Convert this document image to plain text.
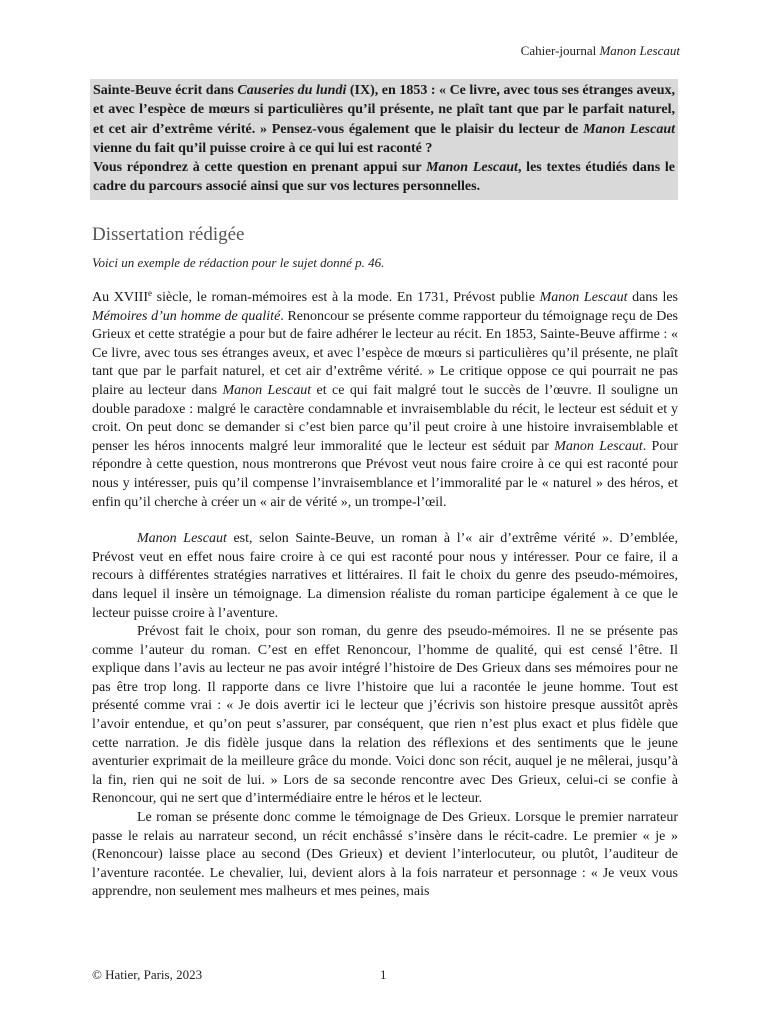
Cahier-journal Manon Lescaut

Sainte-Beuve écrit dans Causeries du lundi (IX), en 1853 : « Ce livre, avec tous ses étranges aveux, et avec l’espèce de mœurs si particulières qu’il présente, ne plaît tant que par le parfait naturel, et cet air d’extrême vérité. » Pensez-vous également que le plaisir du lecteur de Manon Lescaut vienne du fait qu’il puisse croire à ce qui lui est raconté ?

Vous répondrez à cette question en prenant appui sur Manon Lescaut, les textes étudiés dans le cadre du parcours associé ainsi que sur vos lectures personnelles.

Dissertation rédigée
Voici un exemple de rédaction pour le sujet donné p. 46.

Au XVIIIe siècle, le roman-mémoires est à la mode. En 1731, Prévost publie Manon Lescaut dans les Mémoires d’un homme de qualité. Renoncour se présente comme rapporteur du témoignage reçu de Des Grieux et cette stratégie a pour but de faire adhérer le lecteur au récit. En 1853, Sainte-Beuve affirme : « Ce livre, avec tous ses étranges aveux, et avec l’espèce de mœurs si particulières qu’il présente, ne plaît tant que par le parfait naturel, et cet air d’extrême vérité. » Le critique oppose ce qui pourrait ne pas plaire au lecteur dans Manon Lescaut et ce qui fait malgré tout le succès de l’œuvre. Il souligne un double paradoxe : malgré le caractère condamnable et invraisemblable du récit, le lecteur est séduit et y croit. On peut donc se demander si c’est bien parce qu’il peut croire à une histoire invraisemblable et penser les héros innocents malgré leur immoralité que le lecteur est séduit par Manon Lescaut. Pour répondre à cette question, nous montrerons que Prévost veut nous faire croire à ce qui est raconté pour nous y intéresser, puis qu’il compense l’invraisemblance et l’immoralité par le « naturel » des héros, et enfin qu’il cherche à créer un « air de vérité », un trompe-l’œil.

Manon Lescaut est, selon Sainte-Beuve, un roman à l’« air d’extrême vérité ». D’emblée, Prévost veut en effet nous faire croire à ce qui est raconté pour nous y intéresser. Pour ce faire, il a recours à différentes stratégies narratives et littéraires. Il fait le choix du genre des pseudo-mémoires, dans lequel il insère un témoignage. La dimension réaliste du roman participe également à ce que le lecteur puisse croire à l’aventure.

Prévost fait le choix, pour son roman, du genre des pseudo-mémoires. Il ne se présente pas comme l’auteur du roman. C’est en effet Renoncour, l’homme de qualité, qui est censé l’être. Il explique dans l’avis au lecteur ne pas avoir intégré l’histoire de Des Grieux dans ses mémoires pour ne pas être trop long. Il rapporte dans ce livre l’histoire que lui a racontée le jeune homme. Tout est présenté comme vrai : « Je dois avertir ici le lecteur que j’écrivis son histoire presque aussitôt après l’avoir entendue, et qu’on peut s’assurer, par conséquent, que rien n’est plus exact et plus fidèle que cette narration. Je dis fidèle jusque dans la relation des réflexions et des sentiments que le jeune aventurier exprimait de la meilleure grâce du monde. Voici donc son récit, auquel je ne mêlerai, jusqu’à la fin, rien qui ne soit de lui. » Lors de sa seconde rencontre avec Des Grieux, celui-ci se confie à Renoncour, qui ne sert que d’intermédiaire entre le héros et le lecteur.

Le roman se présente donc comme le témoignage de Des Grieux. Lorsque le premier narrateur passe le relais au narrateur second, un récit enchâssé s’insère dans le récit-cadre. Le premier « je » (Renoncour) laisse place au second (Des Grieux) et devient l’interlocuteur, ou plutôt, l’auditeur de l’aventure racontée. Le chevalier, lui, devient alors à la fois narrateur et personnage : « Je veux vous apprendre, non seulement mes malheurs et mes peines, mais

© Hatier, Paris, 2023	1
